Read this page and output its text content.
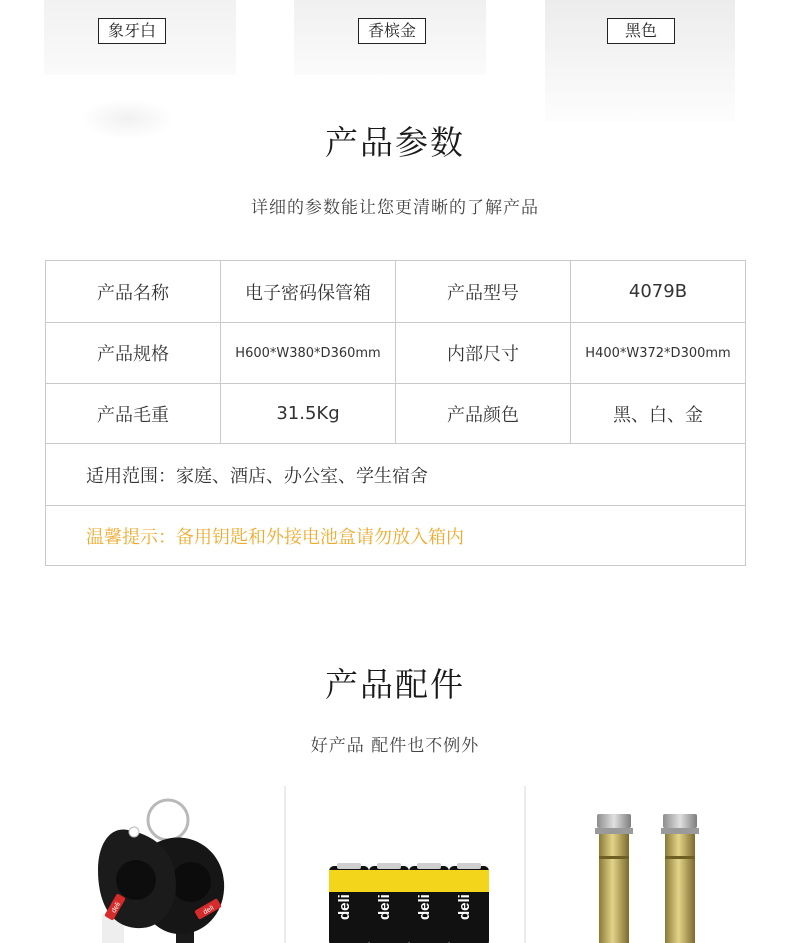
象牙白	香槟金	黑色
产品参数
详细的参数能让您更清晰的了解产品
产品名称	电子密码保管箱	产品型号	4079B
产品规格	H600*W380*D360mm	内部尺寸	H400*W372*D300mm
产品毛重	31.5Kg	产品颜色	黑、白、金
适用范围：家庭、酒店、办公室、学生宿舍			
温馨提示：备用钥匙和外接电池盒请勿放入箱内			
产品配件
好产品 配件也不例外
deli
deli	deli deli deli deli
